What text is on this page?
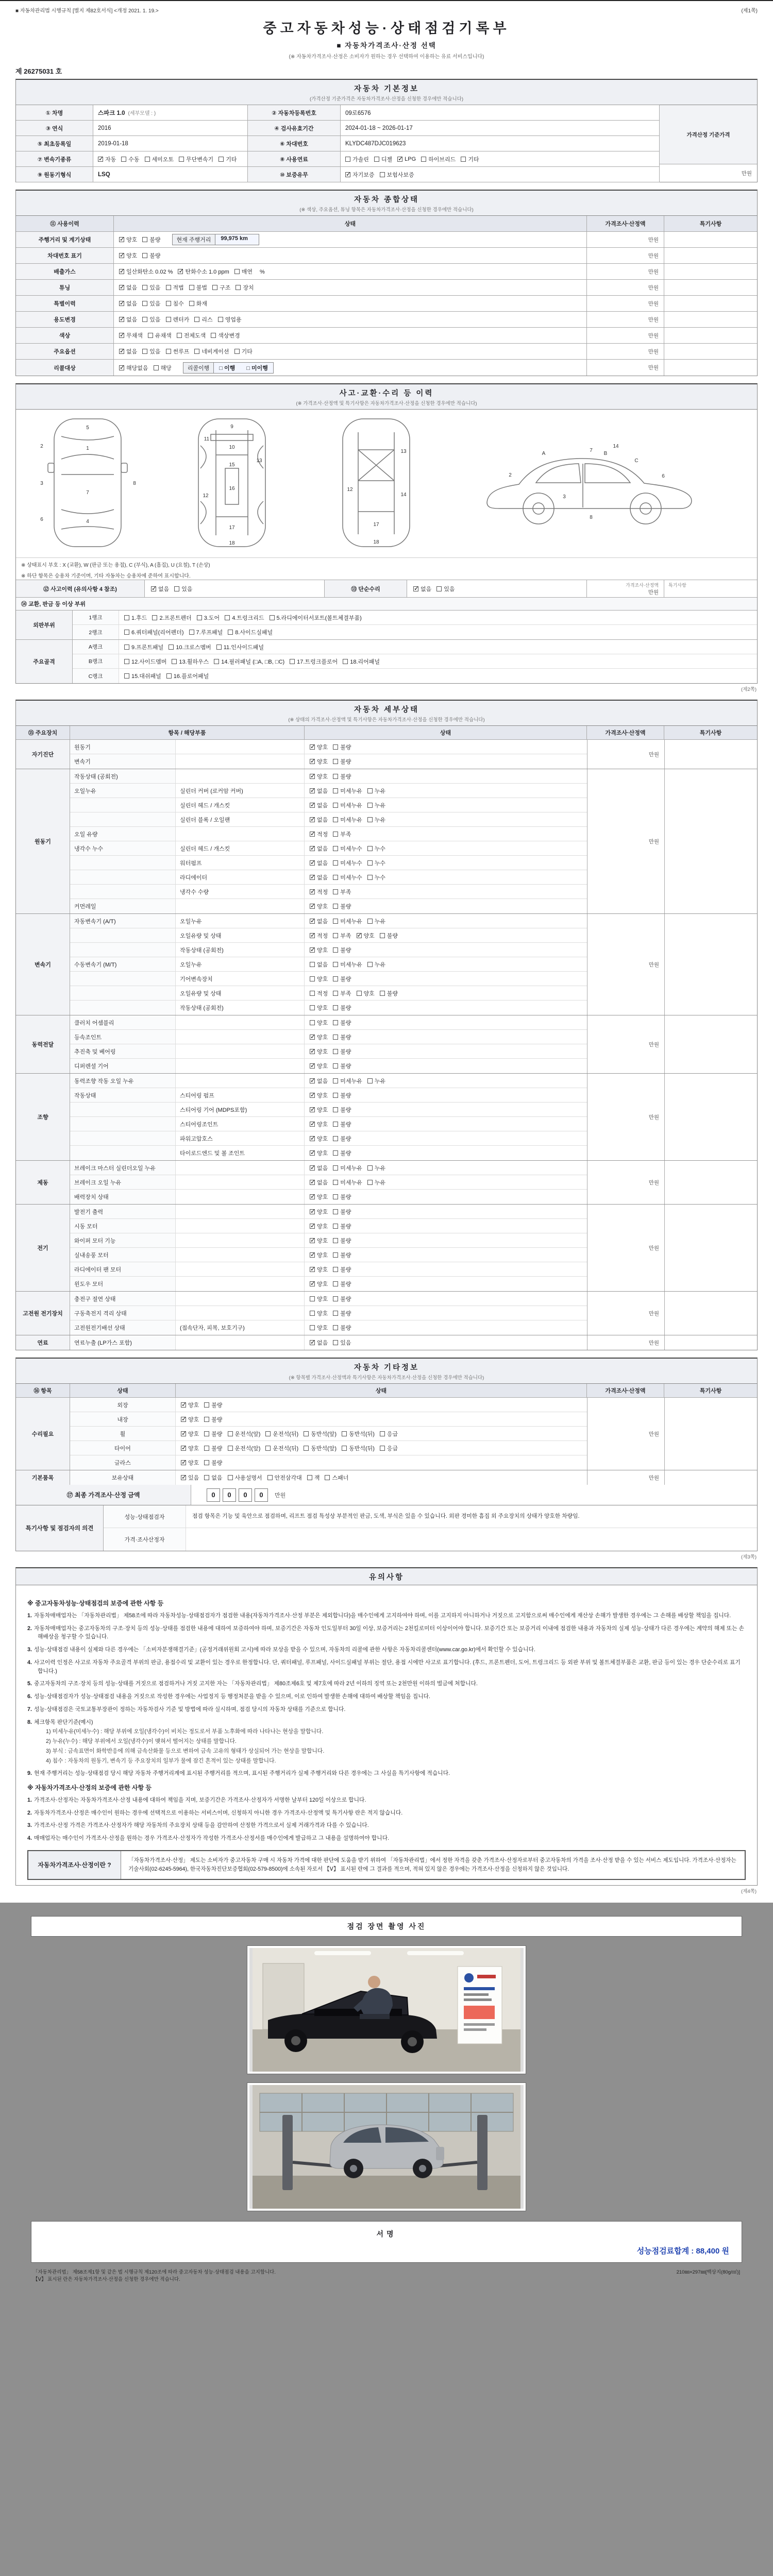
■ 자동차관리법 시행규칙 [별지 제82호서식] <개정 2021. 1. 19.>	(제1쪽)
중고자동차성능·상태점검기록부
■ 자동차가격조사·산정 선택
(※ 자동차가격조사·산정은 소비자가 원하는 경우 선택하여 이용하는 유료 서비스입니다)
제 26275031 호
자동차 기본정보
(가격산정 기준가격은 자동차가격조사·산정을 신청한 경우에만 적습니다)
① 차명	스파크 1.0 (세부모델 : )	② 자동차등록번호	09로6576
③ 연식	2016	④ 검사유효기간	2024-01-18 ~ 2026-01-17
⑤ 최초등록일	2019-01-18	⑥ 차대번호	KLYDC487DJC019623
⑦ 변속기종류 ✓	자동 수동 세미오토 무단변속기 기타	⑧ 사용연료	가솔린 디젤 ✓ LPG 하이브리드 기타
⑨ 원동기형식	LSQ	⑩ 보증유무 ✓	자기보증 보험사보증
가격산정 기준가격
만원
자동차 종합상태
(※ 색상, 주요옵션, 튜닝 항목은 자동차가격조사·산정을 신청한 경우에만 적습니다)
⑪ 사용이력	상태	가격조사·산정액	특기사항
주행거리 및 계기상태 ✓	양호 불량	현재 주행거리	99,975 km	만원
차대번호 표기 ✓	양호 불량	만원
배출가스 ✓	일산화탄소 0.02 % ✓ 탄화수소 1.0 ppm 매연　 %	만원
튜닝 ✓	없음 있음 적법 불법 구조 장치	만원
특별이력 ✓	없음 있음 침수 화재	만원
용도변경 ✓	없음 있음 렌터카 리스 영업용	만원
색상 ✓	무채색 유채색 전체도색 색상변경	만원
주요옵션 ✓	없음 있음 썬루프 네비게이션 기타	만원
리콜대상 ✓	해당없음 해당	리콜이행	□ 이행　　□ 미이행	만원
사고·교환·수리 등 이력
(※ 가격조사·산정액 및 특기사항은 자동차가격조사·산정을 신청한 경우에만 적습니다)
5
1
7
4
2
3
6
8
9
10
11
15
16
12
13
17
18
12
13
14
17
18
2
3
6
8
7
A	B
C
14
※ 상태표시 부호 : X (교환), W (판금 또는 용접), C (부식), A (흠집), U (요철), T (손상)
※ 하단 항목은 승용차 기준이며, 기타 자동차는 승용차에 준하여 표시합니다.
⑫ 사고이력 (유의사항 4 참조) ✓	없음 있음	⑬ 단순수리 ✓	없음 있음
가격조사·산정액
만원
특기사항
⑭ 교환, 판금 등 이상 부위
외판부위
1랭크	1.후드 2.프론트펜더 3.도어 4.트렁크리드 5.라디에이터서포트(볼트체결부품)
2랭크	6.쿼터패널(리어펜더) 7.루프패널 8.사이드실패널
주요골격
A랭크	9.프론트패널 10.크로스멤버 11.인사이드패널
B랭크	12.사이드멤버 13.휠하우스 14.필러패널 (□A, □B, □C) 17.트렁크플로어 18.리어패널
C랭크	15.대쉬패널 16.플로어패널
(제2쪽)
자동차 세부상태
(※ 상태의 가격조사·산정액 및 특기사항은 자동차가격조사·산정을 신청한 경우에만 적습니다)
⑮ 주요장치	항목 / 해당부품	상태	가격조사·산정액	특기사항
자기진단
원동기 ✓	양호 불량
변속기 ✓	양호 불량
만원
원동기
작동상태 (공회전) ✓	양호 불량
오일누유	실린더 커버 (로커암 커버) ✓	없음 미세누유 누유
실린더 헤드 / 개스킷 ✓	없음 미세누유 누유
실린더 블록 / 오일팬 ✓	없음 미세누유 누유
오일 유량 ✓	적정 부족
냉각수 누수	실린더 헤드 / 개스킷 ✓	없음 미세누수 누수
워터펌프 ✓	없음 미세누수 누수
라디에이터 ✓	없음 미세누수 누수
냉각수 수량 ✓	적정 부족
커먼레일 ✓	양호 불량
만원
변속기
자동변속기 (A/T)	오일누유 ✓	없음 미세누유 누유
오일유량 및 상태 ✓	적정 부족 ✓ 양호 불량
작동상태 (공회전) ✓	양호 불량
수동변속기 (M/T)	오일누유	없음 미세누유 누유
기어변속장치	양호 불량
오일유량 및 상태	적정 부족 양호 불량
작동상태 (공회전)	양호 불량
만원
동력전달
클러치 어셈블리	양호 불량
등속조인트 ✓	양호 불량
추진축 및 베어링 ✓	양호 불량
디퍼렌셜 기어 ✓	양호 불량
만원
조향
동력조향 작동 오일 누유 ✓	없음 미세누유 누유
작동상태	스티어링 펌프 ✓	양호 불량
스티어링 기어 (MDPS포함) ✓	양호 불량
스티어링조인트 ✓	양호 불량
파워고압호스 ✓	양호 불량
타이로드엔드 및 볼 조인트 ✓	양호 불량
만원
제동
브레이크 마스터 실린더오일 누유 ✓	없음 미세누유 누유
브레이크 오일 누유 ✓	없음 미세누유 누유
배력장치 상태 ✓	양호 불량
만원
전기
발전기 출력 ✓	양호 불량
시동 모터 ✓	양호 불량
와이퍼 모터 기능 ✓	양호 불량
실내송풍 모터 ✓	양호 불량
라디에이터 팬 모터 ✓	양호 불량
윈도우 모터 ✓	양호 불량
만원
고전원 전기장치
충전구 절연 상태	양호 불량
구동축전지 격리 상태	양호 불량
고전원전기배선 상태	(접속단자, 피복, 보호기구)	양호 불량
만원
연료	연료누출 (LP가스 포함) ✓	없음 있음	만원
자동차 기타정보
(※ 항목별 가격조사·산정액과 특기사항은 자동차가격조사·산정을 신청한 경우에만 적습니다)
⑯ 항목	상태	상태	가격조사·산정액	특기사항
수리필요
외장 ✓	양호 불량
내장 ✓	양호 불량
휠 ✓	양호 불량 운전석(앞) 운전석(뒤) 동반석(앞) 동반석(뒤) 응급
타이어 ✓	양호 불량 운전석(앞) 운전석(뒤) 동반석(앞) 동반석(뒤) 응급
글라스 ✓	양호 불량
만원
기본품목	보유상태 ✓	있음 없음 사용설명서 안전삼각대 잭 스패너	만원
⑰ 최종 가격조사·산정 금액	0	0	0	0	만원
특기사항 및 점검자의 의견
성능·상태점검자	점검 항목은 기능 및 육안으로 점검하며, 리프트 점검 특성상 부분적인 판금, 도색, 부식은 있을 수 있습니다. 외판 경미한 흠집 외 주요장치의 상태가 양호한 차량임.
가격·조사산정자
(제3쪽)
유의사항
※ 중고자동차성능·상태점검의 보증에 관한 사항 등
1. 자동차매매업자는 「자동차관리법」 제58조에 따라 자동차성능·상태점검자가 점검한 내용(자동차가격조사·산정 부분은 제외합니다)을 매수인에게 고지하여야 하며, 이를 고지하지 아니하거나 거짓으로 고지함으로써 매수인에게 재산상 손해가 발생한 경우에는 그 손해를 배상할 책임을 집니다.
2. 자동차매매업자는 중고자동차의 구조·장치 등의 성능·상태를 점검한 내용에 대하여 보증하여야 하며, 보증기간은 자동차 인도일부터 30일 이상, 보증거리는 2천킬로미터 이상이어야 합니다. 보증기간 또는 보증거리 이내에 점검한 내용과 자동차의 실제 성능·상태가 다른 경우에는 계약의 해제 또는 손해배상을 청구할 수 있습니다.
3. 성능·상태점검 내용이 실제와 다른 경우에는 「소비자분쟁해결기준」(공정거래위원회 고시)에 따라 보상을 받을 수 있으며, 자동차의 리콜에 관한 사항은 자동차리콜센터(www.car.go.kr)에서 확인할 수 있습니다.
4. 사고이력 인정은 사고로 자동차 주요골격 부위의 판금, 용접수리 및 교환이 있는 경우로 한정합니다. 단, 쿼터패널, 루프패널, 사이드실패널 부위는 절단, 용접 시에만 사고로 표기합니다. (후드, 프론트펜더, 도어, 트렁크리드 등 외판 부위 및 볼트체결부품은 교환, 판금 등이 있는 경우 단순수리로 표기합니다.)
5. 중고자동차의 구조·장치 등의 성능·상태를 거짓으로 점검하거나 거짓 고지한 자는 「자동차관리법」 제80조제6호 및 제7호에 따라 2년 이하의 징역 또는 2천만원 이하의 벌금에 처합니다.
6. 성능·상태점검자가 성능·상태점검 내용을 거짓으로 작성한 경우에는 사업정지 등 행정처분을 받을 수 있으며, 이로 인하여 발생한 손해에 대하여 배상할 책임을 집니다.
7. 성능·상태점검은 국토교통부장관이 정하는 자동차검사 기준 및 방법에 따라 실시하며, 점검 당시의 자동차 상태를 기준으로 합니다.
8. 체크항목 판단기준(예시)
1) 미세누유(미세누수) : 해당 부위에 오일(냉각수)이 비치는 정도로서 부품 노후화에 따라 나타나는 현상을 말합니다.
2) 누유(누수) : 해당 부위에서 오일(냉각수)이 맺혀서 떨어지는 상태를 말합니다.
3) 부식 : 금속표면이 화학반응에 의해 금속산화물 등으로 변하여 금속 고유의 형태가 상실되어 가는 현상을 말합니다.
4) 침수 : 자동차의 원동기, 변속기 등 주요장치의 일부가 물에 잠긴 흔적이 있는 상태를 말합니다.
9. 현재 주행거리는 성능·상태점검 당시 해당 자동차 주행거리계에 표시된 주행거리를 적으며, 표시된 주행거리가 실제 주행거리와 다른 경우에는 그 사실을 특기사항에 적습니다.
※ 자동차가격조사·산정의 보증에 관한 사항 등
1. 가격조사·산정자는 자동차가격조사·산정 내용에 대하여 책임을 지며, 보증기간은 가격조사·산정자가 서명한 날부터 120일 이상으로 합니다.
2. 자동차가격조사·산정은 매수인이 원하는 경우에 선택적으로 이용하는 서비스이며, 신청하지 아니한 경우 가격조사·산정액 및 특기사항 란은 적지 않습니다.
3. 가격조사·산정 가격은 가격조사·산정자가 해당 자동차의 주요장치 상태 등을 감안하여 산정한 가격으로서 실제 거래가격과 다를 수 있습니다.
4. 매매업자는 매수인이 가격조사·산정을 원하는 경우 가격조사·산정자가 작성한 가격조사·산정서를 매수인에게 발급하고 그 내용을 설명하여야 합니다.
자동차가격조사·산정이란 ?
「자동차가격조사·산정」 제도는 소비자가 중고자동차 구매 시 자동차 가격에 대한 판단에 도움을 받기 위하여 「자동차관리법」에서 정한 자격을 갖춘 가격조사·산정자로부터 중고자동차의 가격을 조사·산정 받을 수 있는 서비스 제도입니다. 가격조사·산정자는 기술사회(02-6245-5964), 한국자동차진단보증협회(02-579-8500)에 소속된 자로서 【Ⅴ】 표시된 란에 그 결과를 적으며, 적혀 있지 않은 경우에는 가격조사·산정을 신청하지 않은 것입니다.
(제4쪽)
점검 장면 촬영 사진
서명
성능점검료합계 : 88,400 원
「자동차관리법」 제58조제1항 및 같은 법 시행규칙 제120조에 따라 중고자동차 성능·상태점검 내용을 고지합니다.
【Ⅴ】 표시된 란은 자동차가격조사·산정을 신청한 경우에만 적습니다.
210㎜×297㎜[백상지(80g/㎡)]
